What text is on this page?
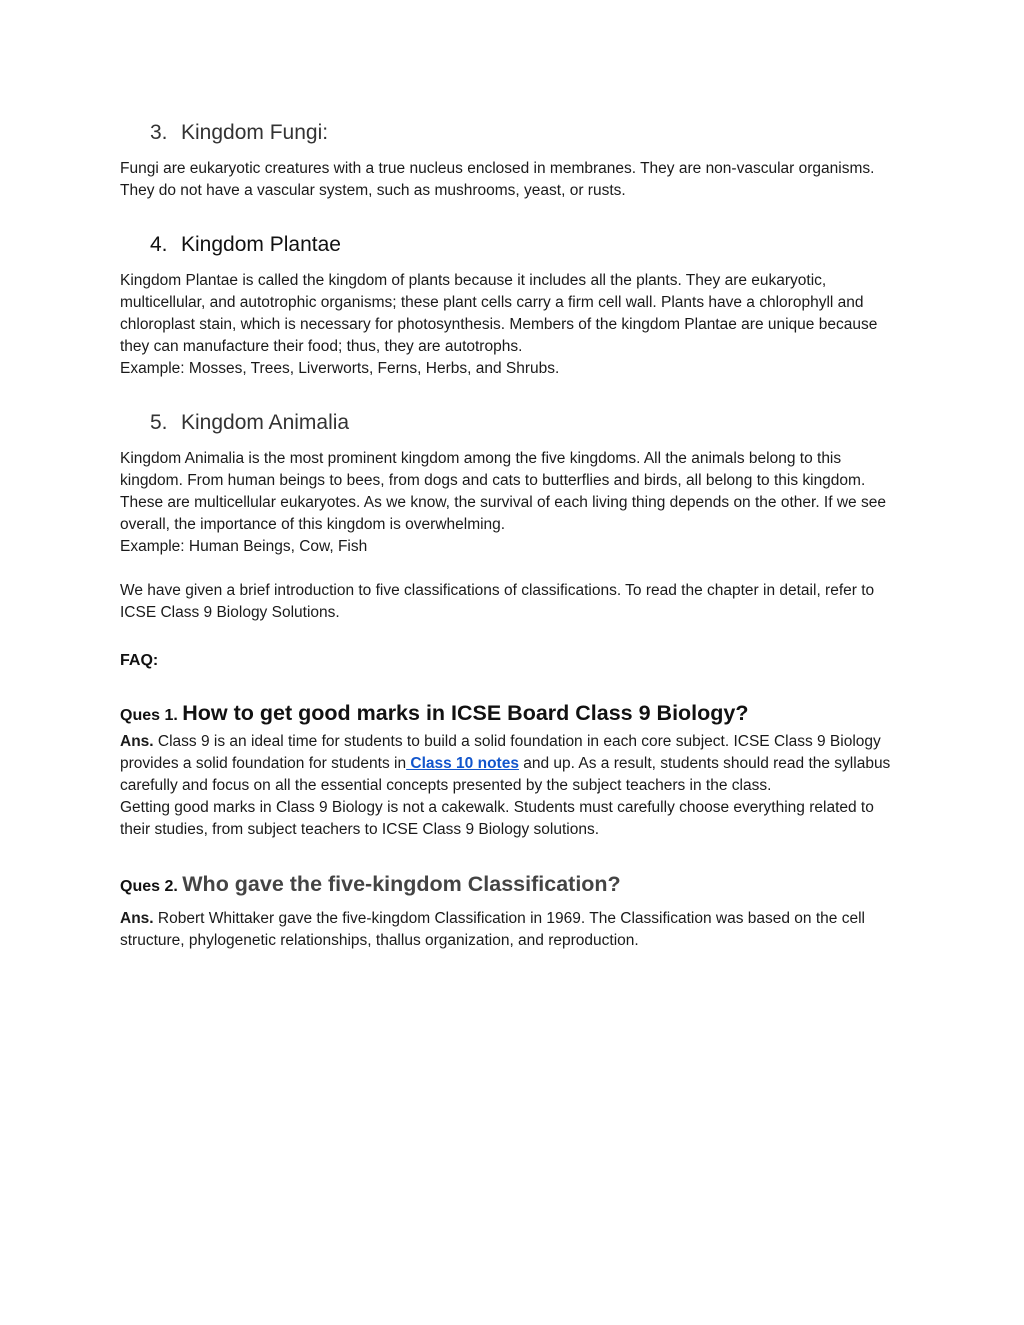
3. Kingdom Fungi:

Fungi are eukaryotic creatures with a true nucleus enclosed in membranes. They are non-vascular organisms. They do not have a vascular system, such as mushrooms, yeast, or rusts.

4. Kingdom Plantae

Kingdom Plantae is called the kingdom of plants because it includes all the plants. They are eukaryotic, multicellular, and autotrophic organisms; these plant cells carry a firm cell wall. Plants have a chlorophyll and chloroplast stain, which is necessary for photosynthesis. Members of the kingdom Plantae are unique because they can manufacture their food; thus, they are autotrophs.

Example: Mosses, Trees, Liverworts, Ferns, Herbs, and Shrubs.

5. Kingdom Animalia

Kingdom Animalia is the most prominent kingdom among the five kingdoms. All the animals belong to this kingdom. From human beings to bees, from dogs and cats to butterflies and birds, all belong to this kingdom. These are multicellular eukaryotes. As we know, the survival of each living thing depends on the other. If we see overall, the importance of this kingdom is overwhelming.

Example: Human Beings, Cow, Fish

We have given a brief introduction to five classifications of classifications. To read the chapter in detail, refer to ICSE Class 9 Biology Solutions.

FAQ:

Ques 1. How to get good marks in ICSE Board Class 9 Biology?

Ans. Class 9 is an ideal time for students to build a solid foundation in each core subject. ICSE Class 9 Biology provides a solid foundation for students in Class 10 notes and up. As a result, students should read the syllabus carefully and focus on all the essential concepts presented by the subject teachers in the class.

Getting good marks in Class 9 Biology is not a cakewalk. Students must carefully choose everything related to their studies, from subject teachers to ICSE Class 9 Biology solutions.

Ques 2. Who gave the five-kingdom Classification?

Ans. Robert Whittaker gave the five-kingdom Classification in 1969. The Classification was based on the cell structure, phylogenetic relationships, thallus organization, and reproduction.
